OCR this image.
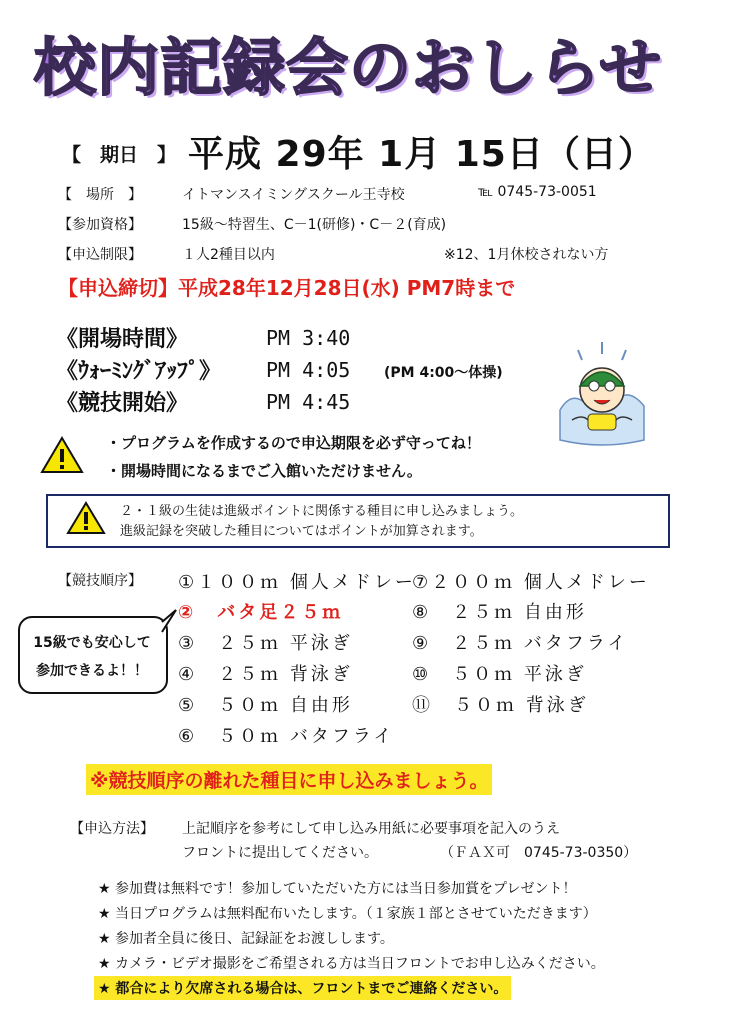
校内記録会のおしらせ
【　期日　】 平成 29年 1月 15日（日）
【　場所　】	イトマンスイミングスクール王寺校	℡ 0745-73-0051
【参加資格】	15級～特習生、C－1(研修)・C－２(育成)
【申込制限】	１人2種目以内	※12、1月休校されない方
【申込締切】平成28年12月28日(水) PM7時まで
《開場時間》	PM 3:40
《ｳｫｰﾐﾝｸﾞｱｯﾌﾟ》 PM 4:05 (PM 4:00～体操)
《競技開始》	PM 4:45
・プログラムを作成するので申込期限を必ず守ってね！
・開場時間になるまでご入館いただけません。
２・１級の生徒は進級ポイントに関係する種目に申し込みましょう。
進級記録を突破した種目についてはポイントが加算されます。
【競技順序】 ①１００ｍ 個人メドレー
②　バタ足２５ｍ
③　２５ｍ 平泳ぎ
④　２５ｍ 背泳ぎ
⑤　５０ｍ 自由形
⑥　５０ｍ バタフライ
⑦２００ｍ 個人メドレー
⑧　２５ｍ 自由形
⑨　２５ｍ バタフライ
⑩　５０ｍ 平泳ぎ
⑪　５０ｍ 背泳ぎ
15級でも安心して
参加できるよ！！
※競技順序の離れた種目に申し込みましょう。
【申込方法】 上記順序を参考にして申し込み用紙に必要事項を記入のうえ
フロントに提出してください。	（ＦＡＸ可　0745-73-0350）
★ 参加費は無料です！参加していただいた方には当日参加賞をプレゼント！
★ 当日プログラムは無料配布いたします。（１家族１部とさせていただきます）
★ 参加者全員に後日、記録証をお渡しします。
★ カメラ・ビデオ撮影をご希望される方は当日フロントでお申し込みください。
★ 都合により欠席される場合は、フロントまでご連絡ください。
